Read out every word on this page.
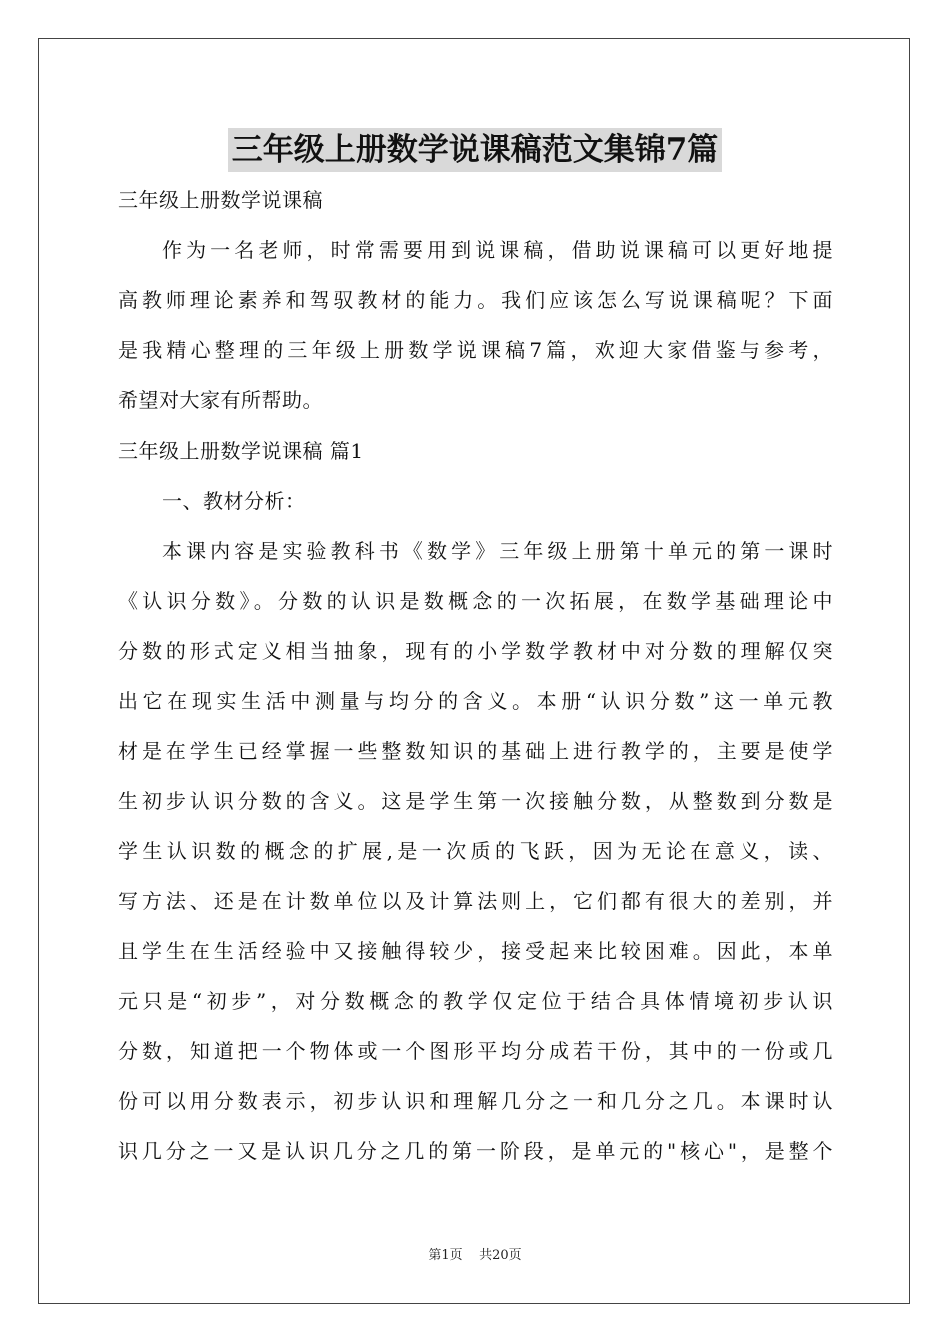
三年级上册数学说课稿范文集锦7篇
三年级上册数学说课稿
作为一名老师，时常需要用到说课稿，借助说课稿可以更好地提
高教师理论素养和驾驭教材的能力。我们应该怎么写说课稿呢？下面
是我精心整理的三年级上册数学说课稿7篇，欢迎大家借鉴与参考，
希望对大家有所帮助。
三年级上册数学说课稿 篇1
一、教材分析：
本课内容是实验教科书《数学》三年级上册第十单元的第一课时
《认识分数》。分数的认识是数概念的一次拓展，在数学基础理论中
分数的形式定义相当抽象，现有的小学数学教材中对分数的理解仅突
出它在现实生活中测量与均分的含义。本册“认识分数”这一单元教
材是在学生已经掌握一些整数知识的基础上进行教学的，主要是使学
生初步认识分数的含义。这是学生第一次接触分数，从整数到分数是
学生认识数的概念的扩展,是一次质的飞跃，因为无论在意义，读、
写方法、还是在计数单位以及计算法则上，它们都有很大的差别，并
且学生在生活经验中又接触得较少，接受起来比较困难。因此，本单
元只是“初步”，对分数概念的教学仅定位于结合具体情境初步认识
分数，知道把一个物体或一个图形平均分成若干份，其中的一份或几
份可以用分数表示，初步认识和理解几分之一和几分之几。本课时认
识几分之一又是认识几分之几的第一阶段，是单元的"核心"，是整个
第1页 共20页
